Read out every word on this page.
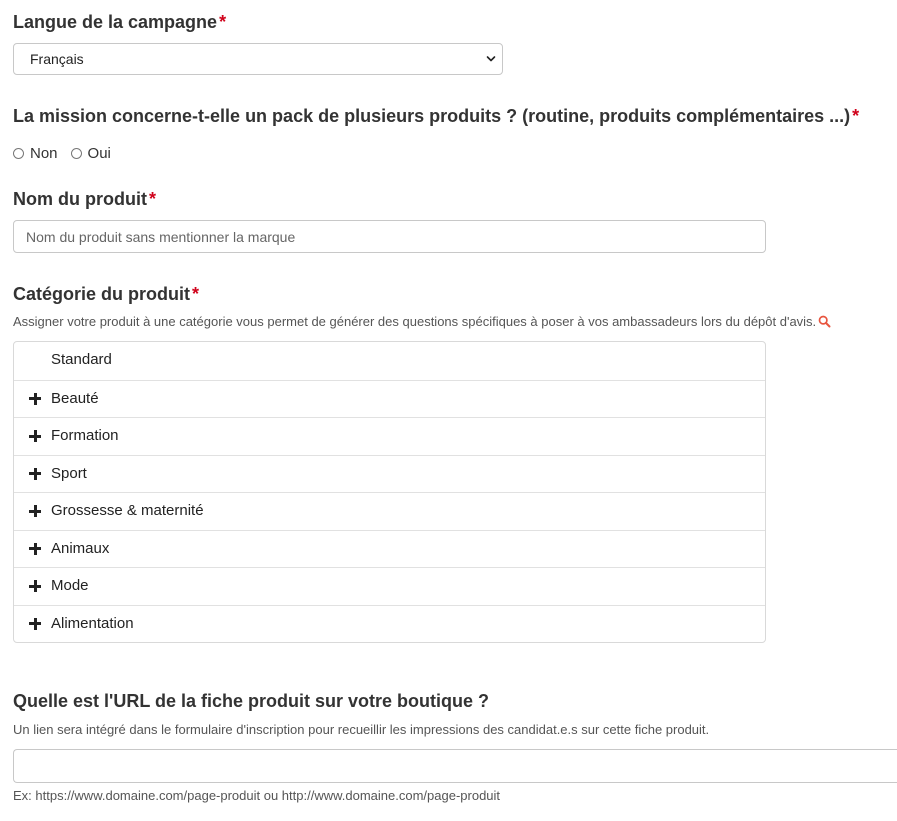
Langue de la campagne *
Français
La mission concerne-t-elle un pack de plusieurs produits ? (routine, produits complémentaires ...) *
Non Oui
Nom du produit *
Nom du produit sans mentionner la marque
Catégorie du produit *
Assigner votre produit à une catégorie vous permet de générer des questions spécifiques à poser à vos ambassadeurs lors du dépôt d'avis.
Standard
Beauté
Formation
Sport
Grossesse & maternité
Animaux
Mode
Alimentation
Quelle est l'URL de la fiche produit sur votre boutique ?
Un lien sera intégré dans le formulaire d'inscription pour recueillir les impressions des candidat.e.s sur cette fiche produit.
Ex: https://www.domaine.com/page-produit ou http://www.domaine.com/page-produit
